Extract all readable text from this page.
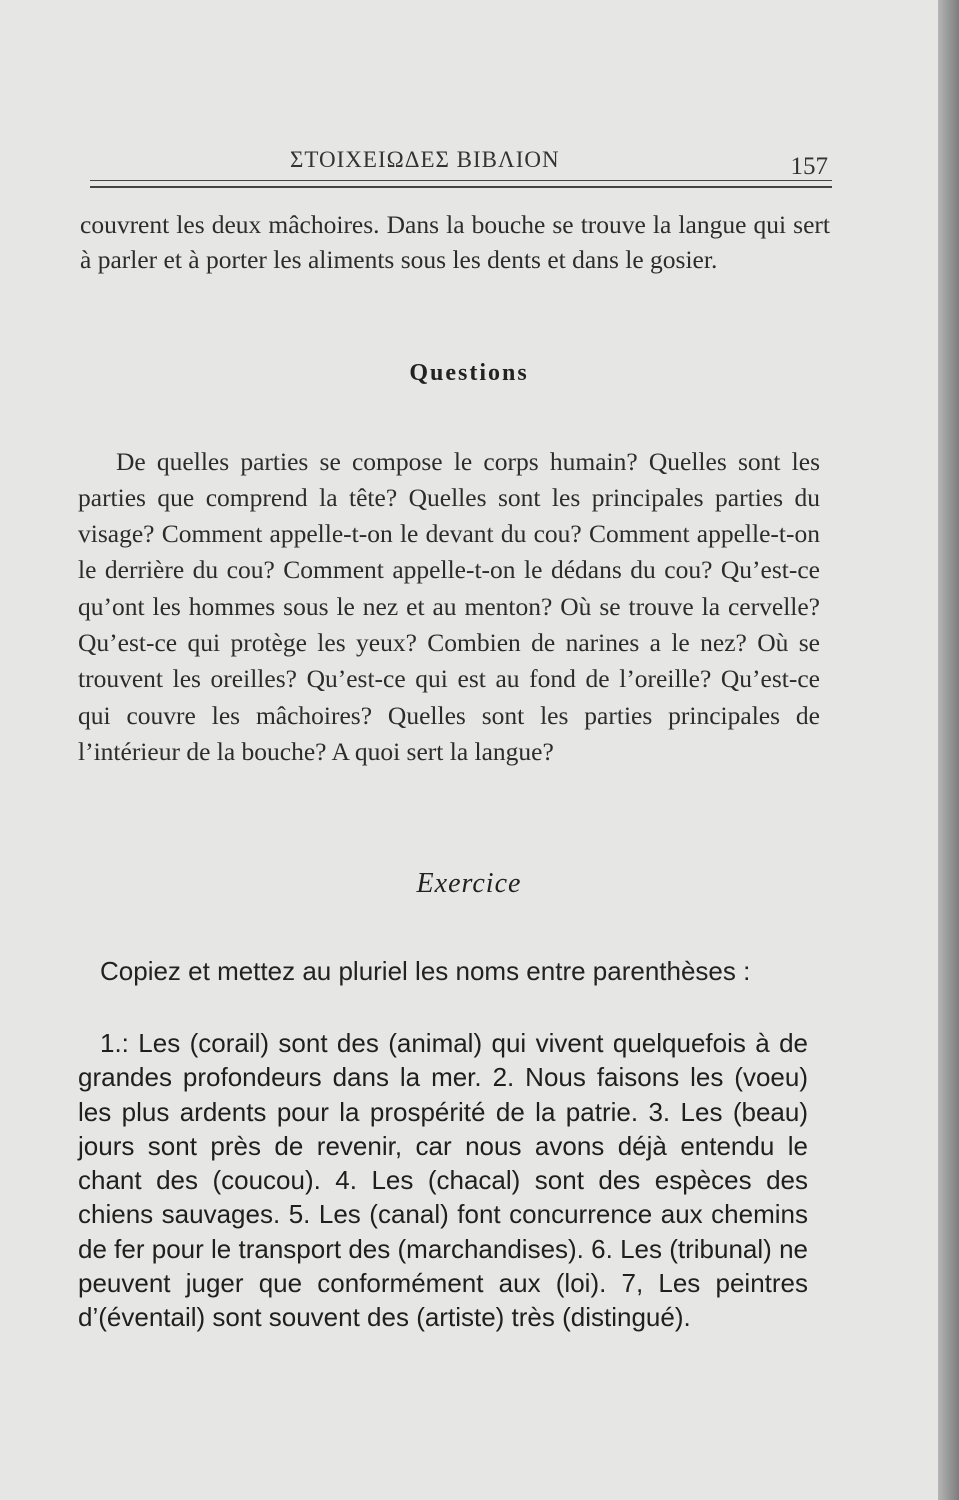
ΣΤΟΙΧΕΙΩΔΕΣ ΒΙΒΛΙΟΝ	157

couvrent les deux mâchoires. Dans la bouche se trouve la langue qui sert à parler et à porter les aliments sous les dents et dans le gosier.

Questions

De quelles parties se compose le corps humain? Quelles sont les parties que comprend la tête? Quelles sont les principales parties du visage? Comment appelle-t-on le devant du cou? Comment appelle-t-on le derrière du cou? Comment appelle-t-on le dédans du cou? Qu’est-ce qu’ont les hommes sous le nez et au menton? Où se trouve la cervelle? Qu’est-ce qui protège les yeux? Combien de narines a le nez? Où se trouvent les oreilles? Qu’est-ce qui est au fond de l’oreille? Qu’est-ce qui couvre les mâchoires? Quelles sont les parties principales de l’intérieur de la bouche? A quoi sert la langue?

Exercice

Copiez et mettez au pluriel les noms entre parenthèses :

1.: Les (corail) sont des (animal) qui vivent quelquefois à de grandes profondeurs dans la mer. 2. Nous faisons les (voeu) les plus ardents pour la prospérité de la patrie. 3. Les (beau) jours sont près de revenir, car nous avons déjà entendu le chant des (coucou). 4. Les (chacal) sont des espèces des chiens sauvages. 5. Les (canal) font concurrence aux chemins de fer pour le transport des (marchandises). 6. Les (tribunal) ne peuvent juger que conformément aux (loi). 7, Les peintres d’(éventail) sont souvent des (artiste) très (distingué).
